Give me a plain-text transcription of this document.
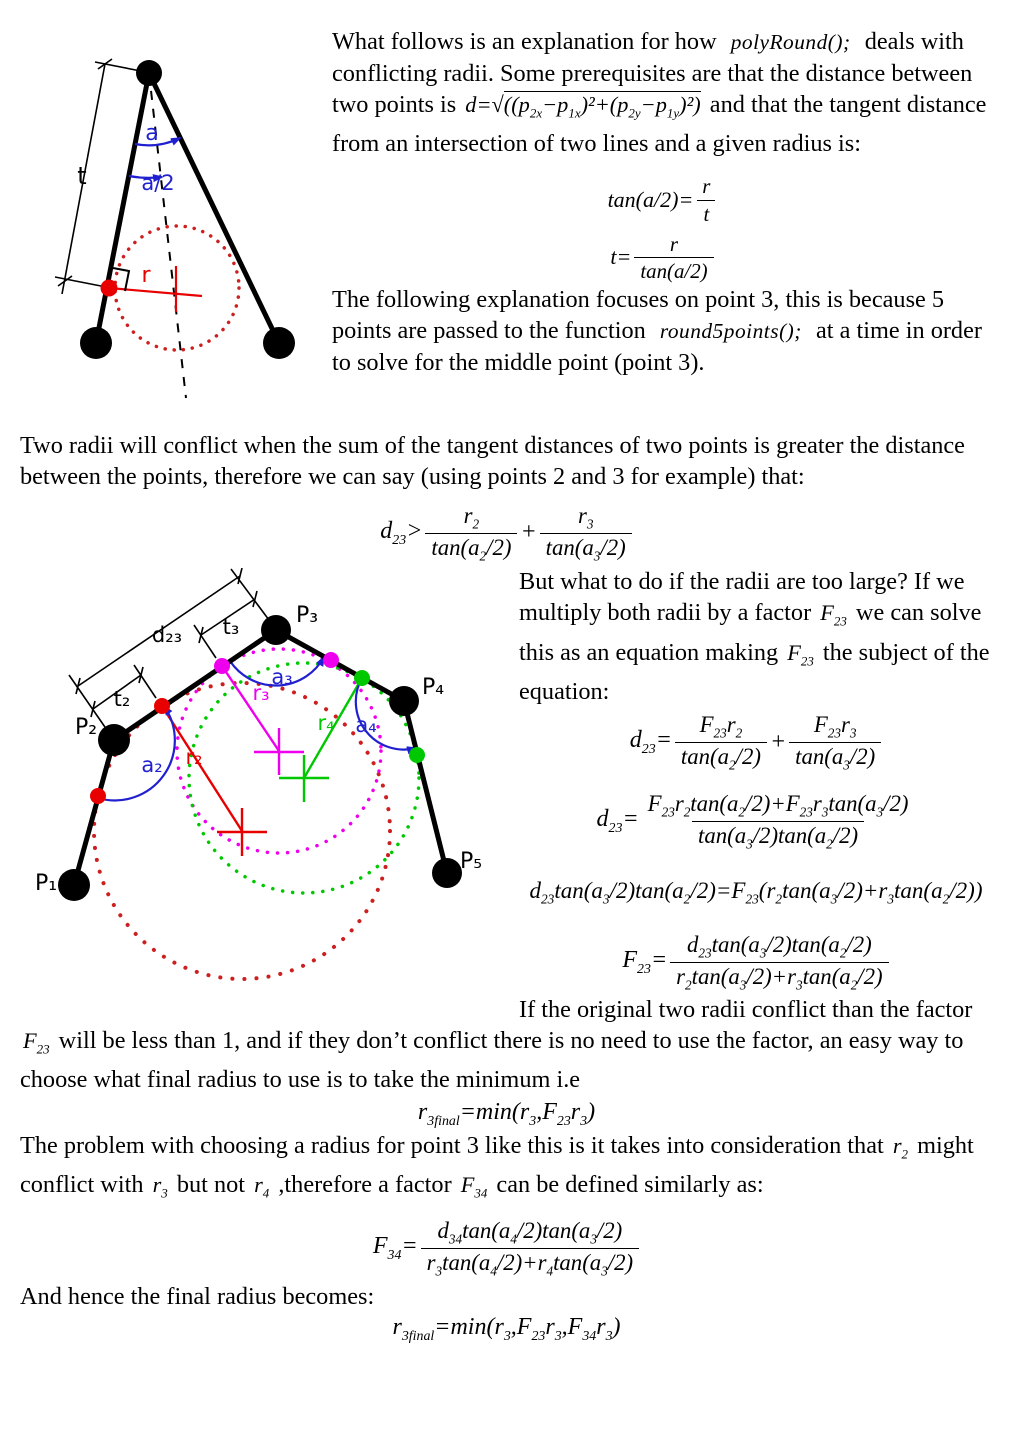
t
a
a/2
r

What follows is an explanation for how polyRound(); deals with conflicting radii. Some prerequisites are that the distance between two points is $d=√((p_{2x}-p_{1x})^2+(p_{2y}-p_{1y})^2)$ and that the tangent distance from an intersection of two lines and a given radius is:

$\tan(a/2)= \frac{r}{t}$
$t= \frac{r}{\tan(a/2)}$

The following explanation focuses on point 3, this is because 5 points are passed to the function round5points(); at a time in order to solve for the middle point (point 3).

Two radii will conflict when the sum of the tangent distances of two points is greater the distance between the points, therefore we can say (using points 2 and 3 for example) that:

$d_{23}>$
$r_2$
$\tan(a_2/2)$
+ $\frac{r_3}{\tan(a_3/2)}$
P₁
P₂
P₃
P₄
P₅
d₂₃
t₂
t₃
a₂
a₃
a₄
r₂
r₃
r₄

But what to do if the radii are too large? If we multiply both radii by a factor $F_{23}$ we can solve this as an equation making $F_{23}$ the subject of the equation:

$d_{23}= \frac{F_{23}r_2}{\tan(a_2/2)} + \frac{F_{23}r_3}{\tan(a_3/2)}$
$d_{23}= \frac{F_{23}r_2\tan(a_2/2)+F_{23}r_3\tan(a_3/2)}{\tan(a_3/2)\tan(a_2/2)}$
$d_{23}\tan(a_3/2)\tan(a_2/2)=F_{23}(r_2\tan(a_3/2)+r_3\tan(a_2/2))$
$F_{23}= \frac{d_{23}\tan(a_3/2)\tan(a_2/2)}{r_2\tan(a_3/2)+r_3\tan(a_2/2)}$

If the original two radii conflict than the factor $F_{23}$ will be less than 1, and if they don’t conflict there is no need to use the factor, an easy way to choose what final radius to use is to take the minimum i.e

$r_{3final}=\min(r_3,F_{23}r_3)$

The problem with choosing a radius for point 3 like this is it takes into consideration that $r_2$ might conflict with $r_3$ but not $r_4$ ,therefore a factor $F_{34}$ can be defined similarly as:

$F_{34}= \frac{d_{34}\tan(a_4/2)\tan(a_3/2)}{r_3\tan(a_4/2)+r_4\tan(a_3/2)}$

And hence the final radius becomes:

$r_{3final}=\min(r_3,F_{23}r_3,F_{34}r_3)$
